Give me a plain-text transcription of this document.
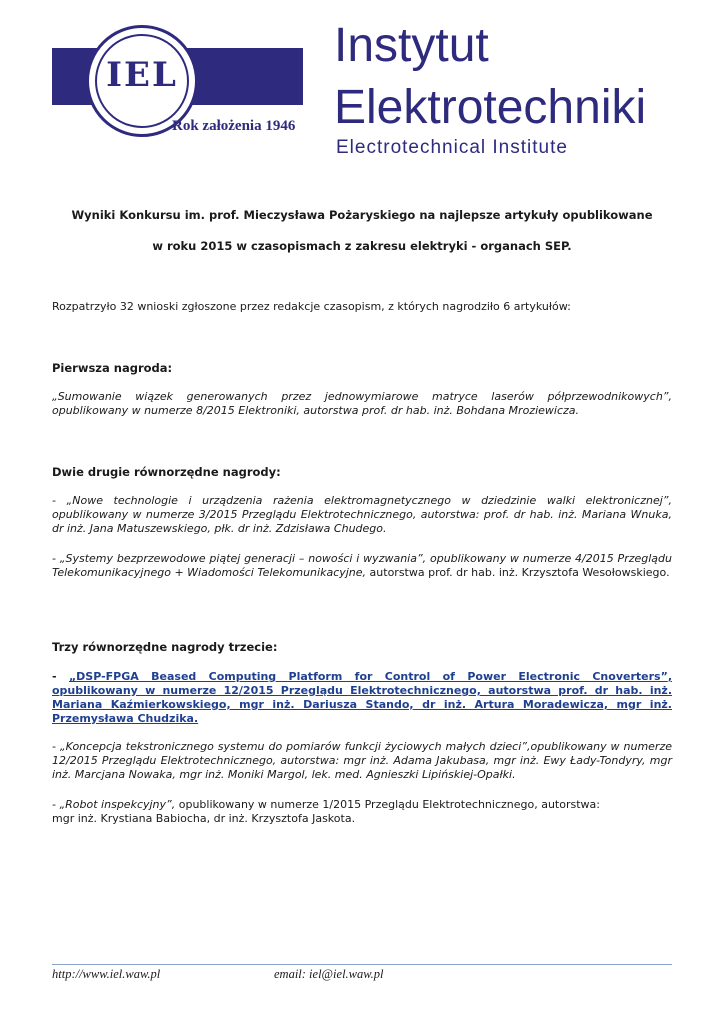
IEL
Rok założenia 1946
Instytut
Elektrotechniki
Electrotechnical Institute
Wyniki Konkursu im. prof. Mieczysława Pożaryskiego na najlepsze artykuły opublikowane
w roku 2015 w czasopismach z zakresu elektryki - organach SEP.
Rozpatrzyło 32 wnioski zgłoszone przez redakcje czasopism, z których nagrodziło 6 artykułów:
Pierwsza nagroda:
„Sumowanie wiązek generowanych przez jednowymiarowe matryce laserów półprzewodnikowych”, opublikowany w numerze 8/2015 Elektroniki, autorstwa prof. dr hab. inż. Bohdana Mroziewicza.
Dwie drugie równorzędne nagrody:
- „Nowe technologie i urządzenia rażenia elektromagnetycznego w dziedzinie walki elektronicznej”, opublikowany w numerze 3/2015 Przeglądu Elektrotechnicznego, autorstwa: prof. dr hab. inż. Mariana Wnuka, dr inż. Jana Matuszewskiego, płk. dr inż. Zdzisława Chudego.
- „Systemy bezprzewodowe piątej generacji – nowości i wyzwania”, opublikowany w numerze 4/2015 Przeglądu Telekomunikacyjnego + Wiadomości Telekomunikacyjne, autorstwa prof. dr hab. inż. Krzysztofa Wesołowskiego.
Trzy równorzędne nagrody trzecie:
- „DSP-FPGA Beased Computing Platform for Control of Power Electronic Cnoverters”, opublikowany w numerze 12/2015 Przeglądu Elektrotechnicznego, autorstwa prof. dr hab. inż. Mariana Kaźmierkowskiego, mgr inż. Dariusza Stando, dr inż. Artura Moradewicza, mgr inż. Przemysława Chudzika.
- „Koncepcja tekstronicznego systemu do pomiarów funkcji życiowych małych dzieci”,opublikowany w numerze 12/2015 Przeglądu Elektrotechnicznego, autorstwa: mgr inż. Adama Jakubasa, mgr inż. Ewy Łady-Tondyry, mgr inż. Marcjana Nowaka, mgr inż. Moniki Margol, lek. med. Agnieszki Lipińskiej-Opałki.
- „Robot inspekcyjny”, opublikowany w numerze 1/2015 Przeglądu Elektrotechnicznego, autorstwa:
mgr inż. Krystiana Babiocha, dr inż. Krzysztofa Jaskota.
http://www.iel.waw.pl	email: iel@iel.waw.pl
